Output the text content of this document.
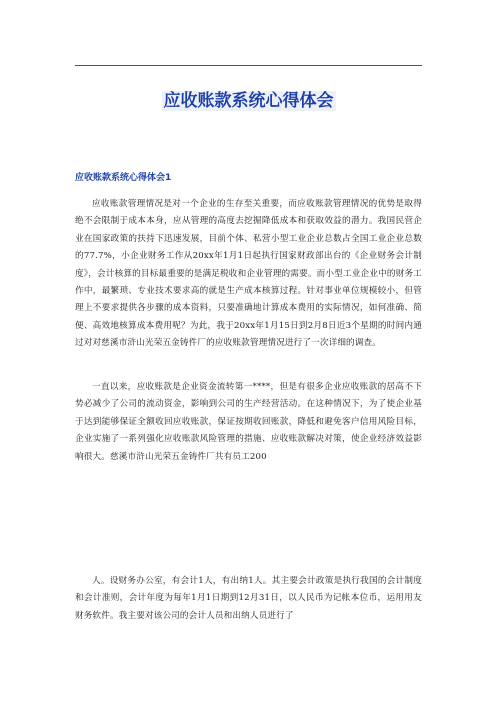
应收账款系统心得体会
应收账款系统心得体会1

应收账款管理情况是对一个企业的生存至关重要，而应收账款管理情况的优势是取得绝不会限制于成本本身，应从管理的高度去挖掘降低成本和获取效益的潜力。我国民营企业在国家政策的扶持下迅速发展，目前个体、私营小型工业企业总数占全国工业企业总数的77.7%，小企业财务工作从20xx年1月1日起执行国家财政部出台的《企业财务会计制度》，会计核算的目标最重要的是满足税收和企业管理的需要。而小型工业企业中的财务工作中，最繁琐、专业技术要求高的就是生产成本核算过程。针对事业单位规模较小，但管理上不要求提供各步骤的成本资料，只要准确地计算成本费用的实际情况，如何准确、简便、高效地核算成本费用呢？为此，我于20xx年1月15日到2月8日近3个星期的时间内通过对对慈溪市浒山光荣五金铸件厂的应收账款管理情况进行了一次详细的调查。

一直以来，应收账款是企业资金流转第一****，但是有很多企业应收账款的居高不下势必减少了公司的流动资金，影响到公司的生产经营活动。在这种情况下，为了使企业基于达到能够保证全额收回应收账款，保证按期收回账款，降低和避免客户信用风险目标，企业实施了一系列强化应收账款风险管理的措施、应收账款解决对策，使企业经济效益影响很大。慈溪市浒山光荣五金铸件厂共有员工200

人。设财务办公室，有会计1人，有出纳1人。其主要会计政策是执行我国的会计制度和会计准则，会计年度为每年1月1日期到12月31日，以人民币为记帐本位币，运用用友财务软件。我主要对该公司的会计人员和出纳人员进行了
